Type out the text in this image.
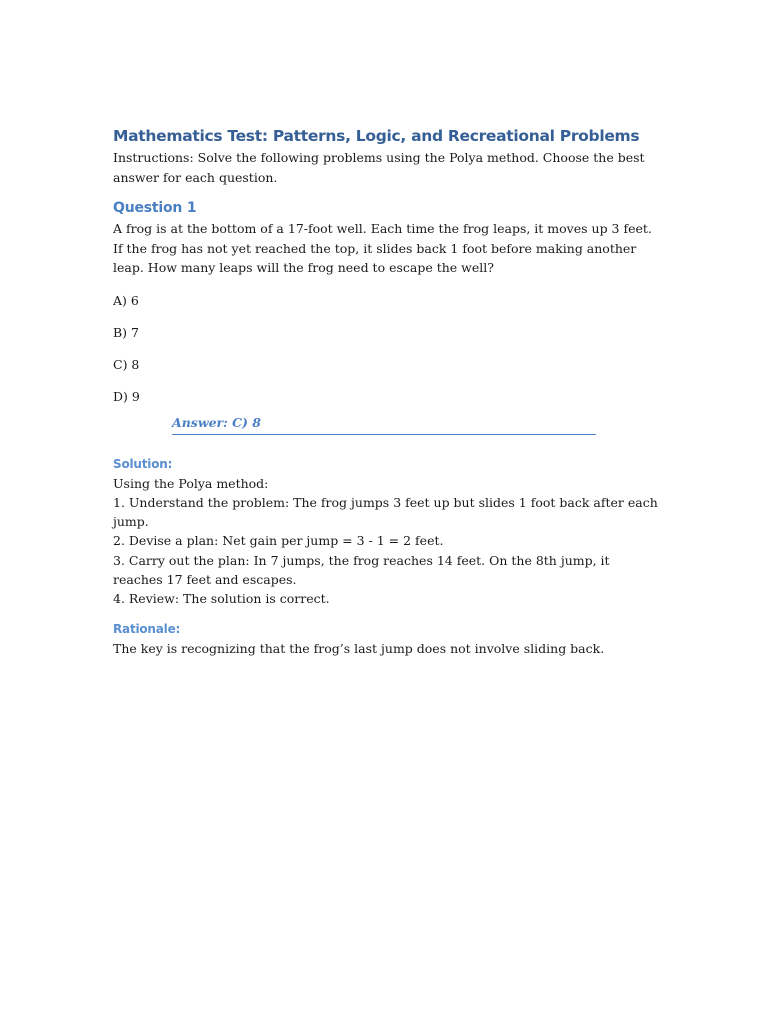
Mathematics Test: Patterns, Logic, and Recreational Problems

Instructions: Solve the following problems using the Polya method. Choose the best answer for each question.

Question 1

A frog is at the bottom of a 17-foot well. Each time the frog leaps, it moves up 3 feet. If the frog has not yet reached the top, it slides back 1 foot before making another leap. How many leaps will the frog need to escape the well?

A) 6
B) 7
C) 8
D) 9
Answer: C) 8
Solution:

Using the Polya method:

1. Understand the problem: The frog jumps 3 feet up but slides 1 foot back after each jump.
2. Devise a plan: Net gain per jump = 3 - 1 = 2 feet.
3. Carry out the plan: In 7 jumps, the frog reaches 14 feet. On the 8th jump, it reaches 17 feet and escapes.
4. Review: The solution is correct.
Rationale:

The key is recognizing that the frog’s last jump does not involve sliding back.
